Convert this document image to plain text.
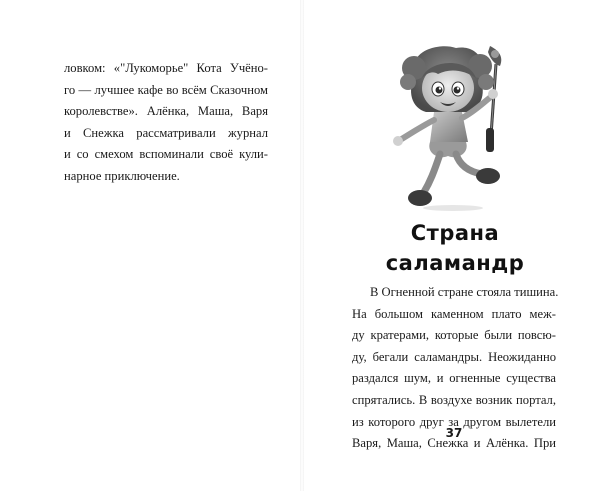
ловком: «"Лукоморье" Кота Учёно-
го — лучшее кафе во всём Сказочном
королевстве». Алёнка, Маша, Варя
и Снежка рассматривали журнал
и со смехом вспоминали своё кули-
нарное приключение.
Страна
саламандр
В Огненной стране стояла тишина.
На большом каменном плато меж-
ду кратерами, которые были повсю-
ду, бегали саламандры. Неожиданно
раздался шум, и огненные существа
спрятались. В воздухе возник портал,
из которого друг за другом вылетели
Варя, Маша, Снежка и Алёнка. При
37
